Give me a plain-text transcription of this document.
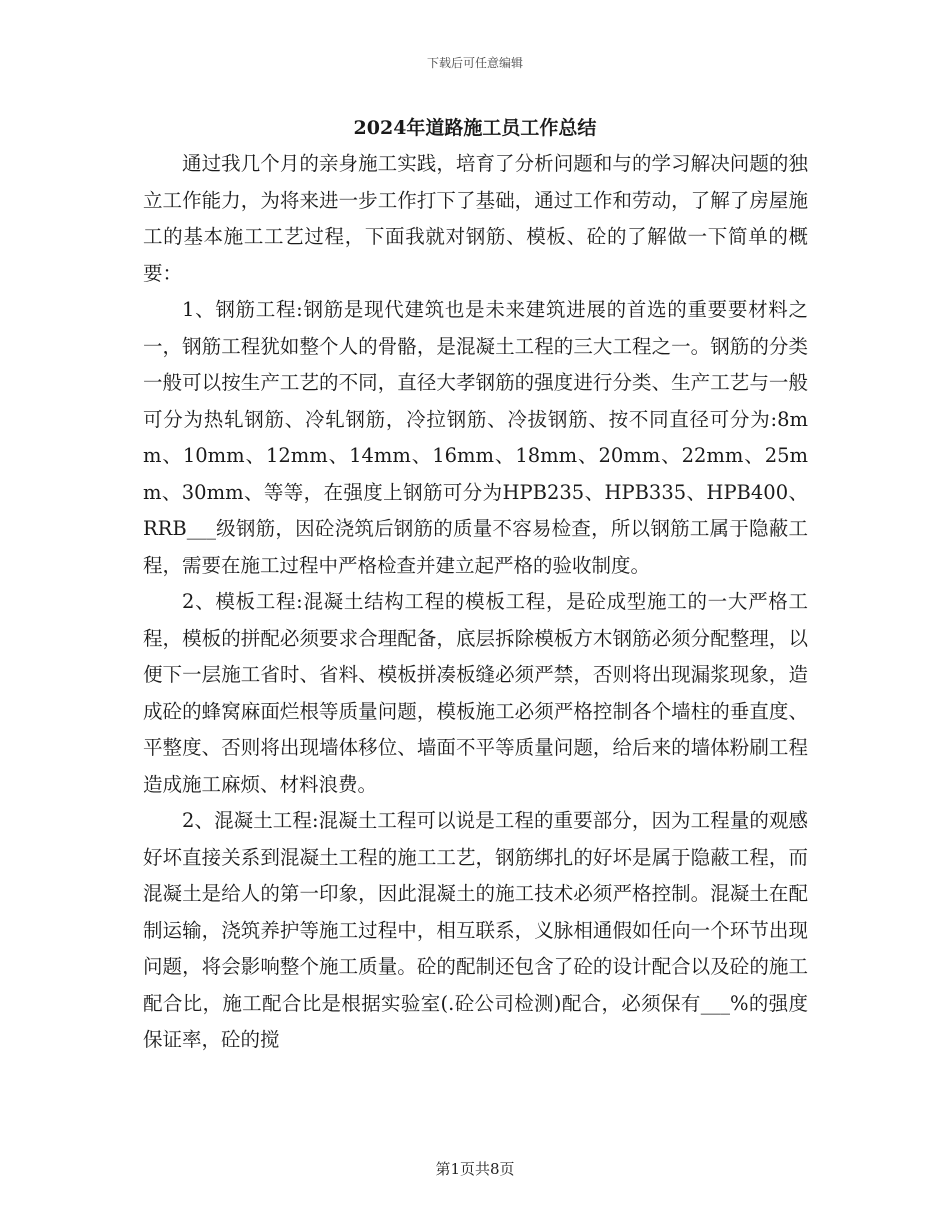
下载后可任意编辑
2024年道路施工员工作总结

通过我几个月的亲身施工实践，培育了分析问题和与的学习解决问题的独立工作能力，为将来进一步工作打下了基础，通过工作和劳动，了解了房屋施工的基本施工工艺过程，下面我就对钢筋、模板、砼的了解做一下简单的概要：

1、钢筋工程:钢筋是现代建筑也是未来建筑进展的首选的重要要材料之一，钢筋工程犹如整个人的骨骼，是混凝土工程的三大工程之一。钢筋的分类一般可以按生产工艺的不同，直径大孝钢筋的强度进行分类、生产工艺与一般可分为热轧钢筋、冷轧钢筋，冷拉钢筋、冷拔钢筋、按不同直径可分为:8mm、10mm、12mm、14mm、16mm、18mm、20mm、22mm、25mm、30mm、等等，在强度上钢筋可分为HPB235、HPB335、HPB400、RRB___级钢筋，因砼浇筑后钢筋的质量不容易检查，所以钢筋工属于隐蔽工程，需要在施工过程中严格检查并建立起严格的验收制度。

2、模板工程:混凝土结构工程的模板工程，是砼成型施工的一大严格工程，模板的拼配必须要求合理配备，底层拆除模板方木钢筋必须分配整理，以便下一层施工省时、省料、模板拼凑板缝必须严禁，否则将出现漏浆现象，造成砼的蜂窝麻面烂根等质量问题，模板施工必须严格控制各个墙柱的垂直度、平整度、否则将出现墙体移位、墙面不平等质量问题，给后来的墙体粉刷工程造成施工麻烦、材料浪费。

2、混凝土工程:混凝土工程可以说是工程的重要部分，因为工程量的观感好坏直接关系到混凝土工程的施工工艺，钢筋绑扎的好坏是属于隐蔽工程，而混凝土是给人的第一印象，因此混凝土的施工技术必须严格控制。混凝土在配制运输，浇筑养护等施工过程中，相互联系，义脉相通假如任向一个环节出现问题，将会影响整个施工质量。砼的配制还包含了砼的设计配合以及砼的施工配合比，施工配合比是根据实验室(.砼公司检测)配合，必须保有___%的强度保证率，砼的搅

第1页共8页
